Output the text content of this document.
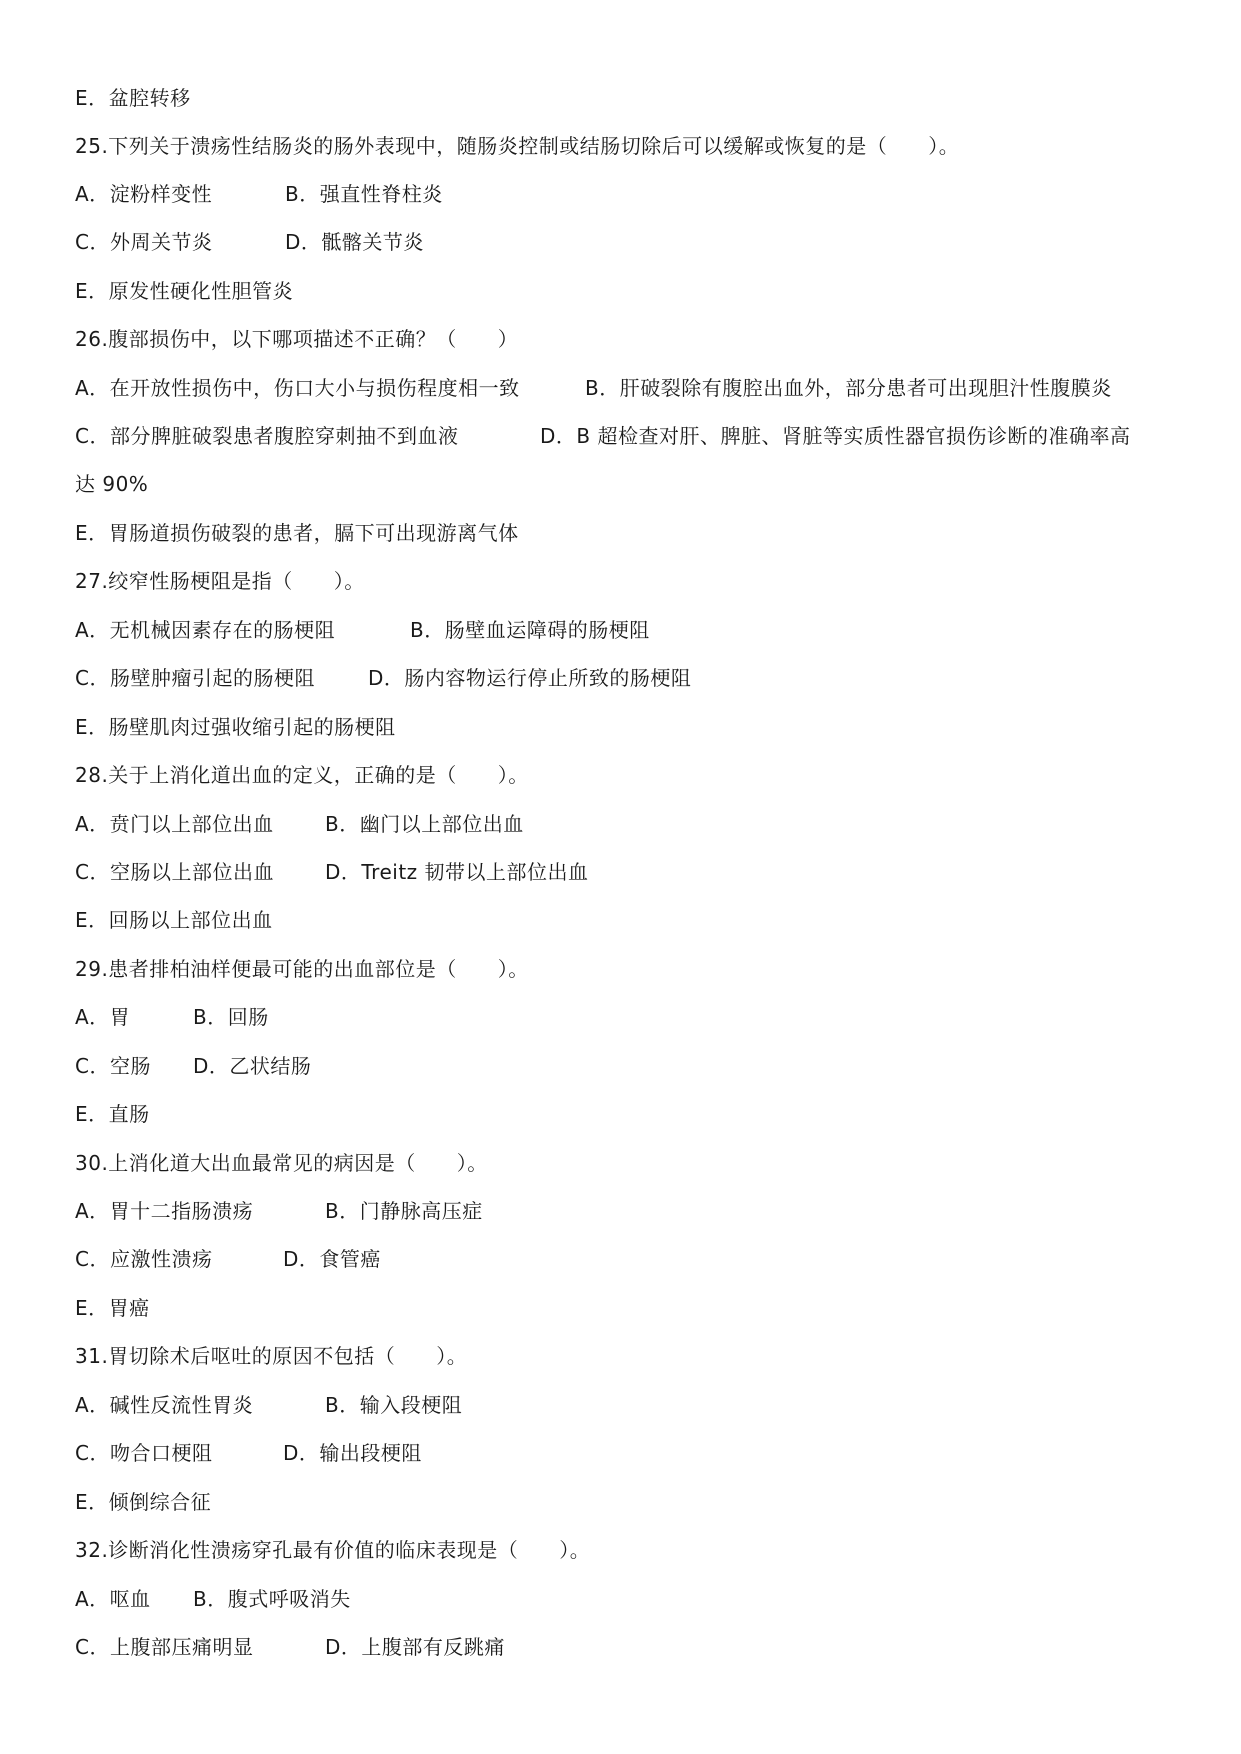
E．盆腔转移
25.下列关于溃疡性结肠炎的肠外表现中，随肠炎控制或结肠切除后可以缓解或恢复的是（　　）。
A．淀粉样变性	B．强直性脊柱炎
C．外周关节炎	D．骶髂关节炎
E．原发性硬化性胆管炎
26.腹部损伤中，以下哪项描述不正确？（　　）
A．在开放性损伤中，伤口大小与损伤程度相一致	B．肝破裂除有腹腔出血外，部分患者可出现胆汁性腹膜炎
C．部分脾脏破裂患者腹腔穿刺抽不到血液	D．B 超检查对肝、脾脏、肾脏等实质性器官损伤诊断的准确率高
达 90%
E．胃肠道损伤破裂的患者，膈下可出现游离气体
27.绞窄性肠梗阻是指（　　）。
A．无机械因素存在的肠梗阻	B．肠壁血运障碍的肠梗阻
C．肠壁肿瘤引起的肠梗阻	D．肠内容物运行停止所致的肠梗阻
E．肠壁肌肉过强收缩引起的肠梗阻
28.关于上消化道出血的定义，正确的是（　　）。
A．贲门以上部位出血	B．幽门以上部位出血
C．空肠以上部位出血	D．Treitz 韧带以上部位出血
E．回肠以上部位出血
29.患者排柏油样便最可能的出血部位是（　　）。
A．胃	B．回肠
C．空肠 D．乙状结肠
E．直肠
30.上消化道大出血最常见的病因是（　　）。
A．胃十二指肠溃疡	B．门静脉高压症
C．应激性溃疡	D．食管癌
E．胃癌
31.胃切除术后呕吐的原因不包括（　　）。
A．碱性反流性胃炎	B．输入段梗阻
C．吻合口梗阻	D．输出段梗阻
E．倾倒综合征
32.诊断消化性溃疡穿孔最有价值的临床表现是（　　）。
A．呕血 B．腹式呼吸消失
C．上腹部压痛明显	D．上腹部有反跳痛
